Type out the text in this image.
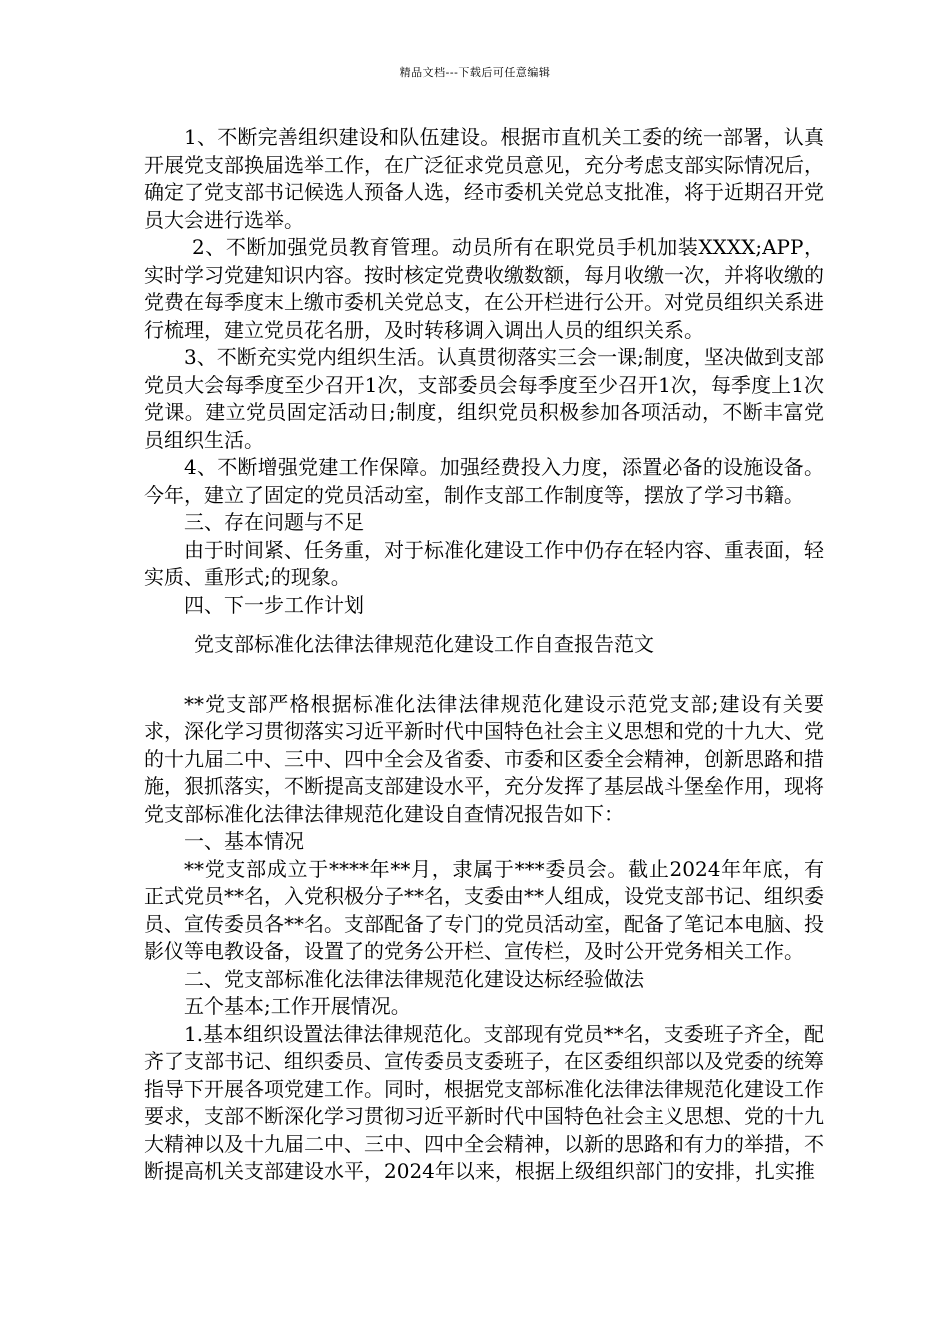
精品文档---下载后可任意编辑

1、不断完善组织建设和队伍建设。根据市直机关工委的统一部署，认真开展党支部换届选举工作，在广泛征求党员意见，充分考虑支部实际情况后，确定了党支部书记候选人预备人选，经市委机关党总支批准，将于近期召开党员大会进行选举。

2、不断加强党员教育管理。动员所有在职党员手机加装XXXX;APP，实时学习党建知识内容。按时核定党费收缴数额，每月收缴一次，并将收缴的党费在每季度末上缴市委机关党总支，在公开栏进行公开。对党员组织关系进行梳理，建立党员花名册，及时转移调入调出人员的组织关系。

3、不断充实党内组织生活。认真贯彻落实三会一课;制度，坚决做到支部党员大会每季度至少召开1次，支部委员会每季度至少召开1次，每季度上1次党课。建立党员固定活动日;制度，组织党员积极参加各项活动，不断丰富党员组织生活。

4、不断增强党建工作保障。加强经费投入力度，添置必备的设施设备。今年，建立了固定的党员活动室，制作支部工作制度等，摆放了学习书籍。

三、存在问题与不足

由于时间紧、任务重，对于标准化建设工作中仍存在轻内容、重表面，轻实质、重形式;的现象。

四、下一步工作计划

党支部标准化法律法律规范化建设工作自查报告范文

**党支部严格根据标准化法律法律规范化建设示范党支部;建设有关要求，深化学习贯彻落实习近平新时代中国特色社会主义思想和党的十九大、党的十九届二中、三中、四中全会及省委、市委和区委全会精神，创新思路和措施，狠抓落实，不断提高支部建设水平，充分发挥了基层战斗堡垒作用，现将党支部标准化法律法律规范化建设自查情况报告如下：

一、基本情况

**党支部成立于****年**月，隶属于***委员会。截止2024年年底，有正式党员**名，入党积极分子**名，支委由**人组成，设党支部书记、组织委员、宣传委员各**名。支部配备了专门的党员活动室，配备了笔记本电脑、投影仪等电教设备，设置了的党务公开栏、宣传栏，及时公开党务相关工作。

二、党支部标准化法律法律规范化建设达标经验做法

五个基本;工作开展情况。

1.基本组织设置法律法律规范化。支部现有党员**名，支委班子齐全，配齐了支部书记、组织委员、宣传委员支委班子，在区委组织部以及党委的统筹指导下开展各项党建工作。同时，根据党支部标准化法律法律规范化建设工作要求，支部不断深化学习贯彻习近平新时代中国特色社会主义思想、党的十九大精神以及十九届二中、三中、四中全会精神，以新的思路和有力的举措，不断提高机关支部建设水平，2024年以来，根据上级组织部门的安排，扎实推
